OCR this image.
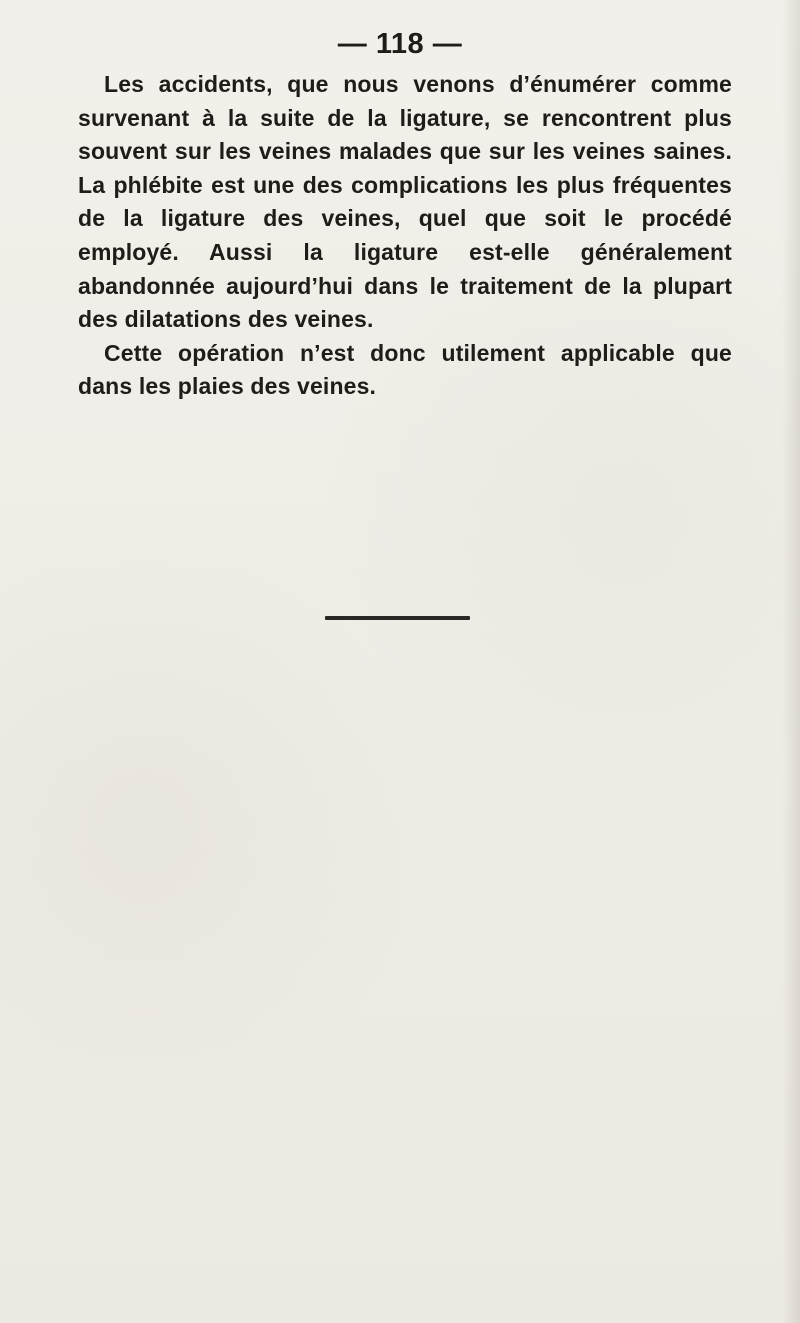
— 118 —

Les accidents, que nous venons d’énumérer comme survenant à la suite de la ligature, se rencontrent plus souvent sur les veines malades que sur les veines saines. La phlébite est une des complications les plus fréquentes de la ligature des veines, quel que soit le procédé employé. Aussi la ligature est-elle généralement abandonnée aujourd’hui dans le traitement de la plupart des dilatations des veines.

Cette opération n’est donc utilement applicable que dans les plaies des veines.
